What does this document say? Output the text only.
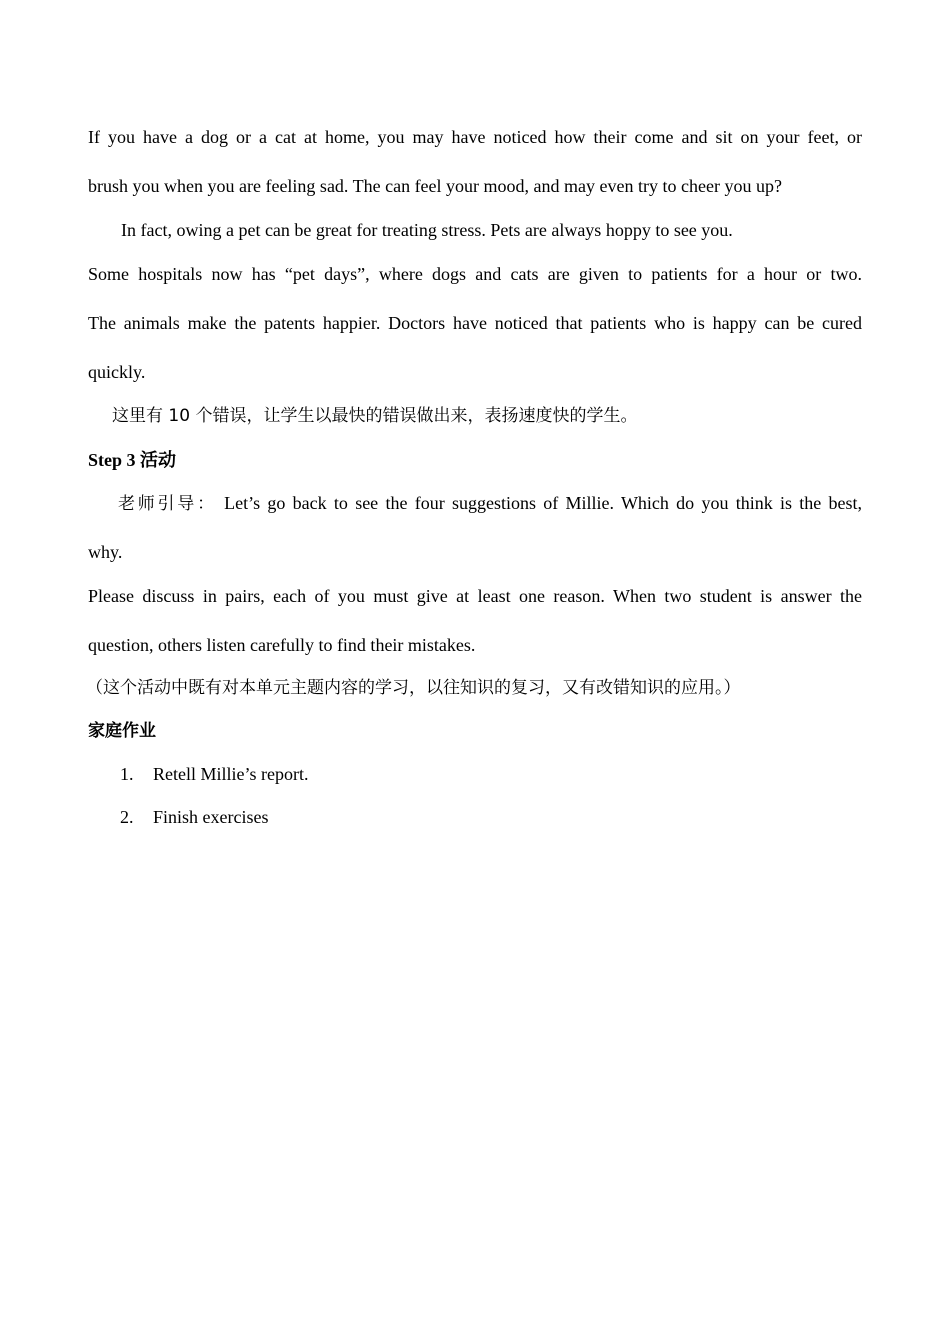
If you have a dog or a cat at home, you may have noticed how their come and sit on your feet, or
brush you when you are feeling sad. The can feel your mood, and may even try to cheer you up?
In fact, owing a pet can be great for treating stress. Pets are always hoppy to see you.
Some hospitals now has “pet days”, where dogs and cats are given to patients for a hour or two.
The animals make the patents happier. Doctors have noticed that patients who is happy can be cured
quickly.
这里有 10 个错误，让学生以最快的错误做出来，表扬速度快的学生。
Step 3 活动
老师引导： Let’s go back to see the four suggestions of Millie. Which do you think is the best,
why.
Please discuss in pairs, each of you must give at least one reason. When two student is answer the
question, others listen carefully to find their mistakes.
（这个活动中既有对本单元主题内容的学习，以往知识的复习，又有改错知识的应用。）
家庭作业
1. Retell Millie’s report.
2. Finish exercises
